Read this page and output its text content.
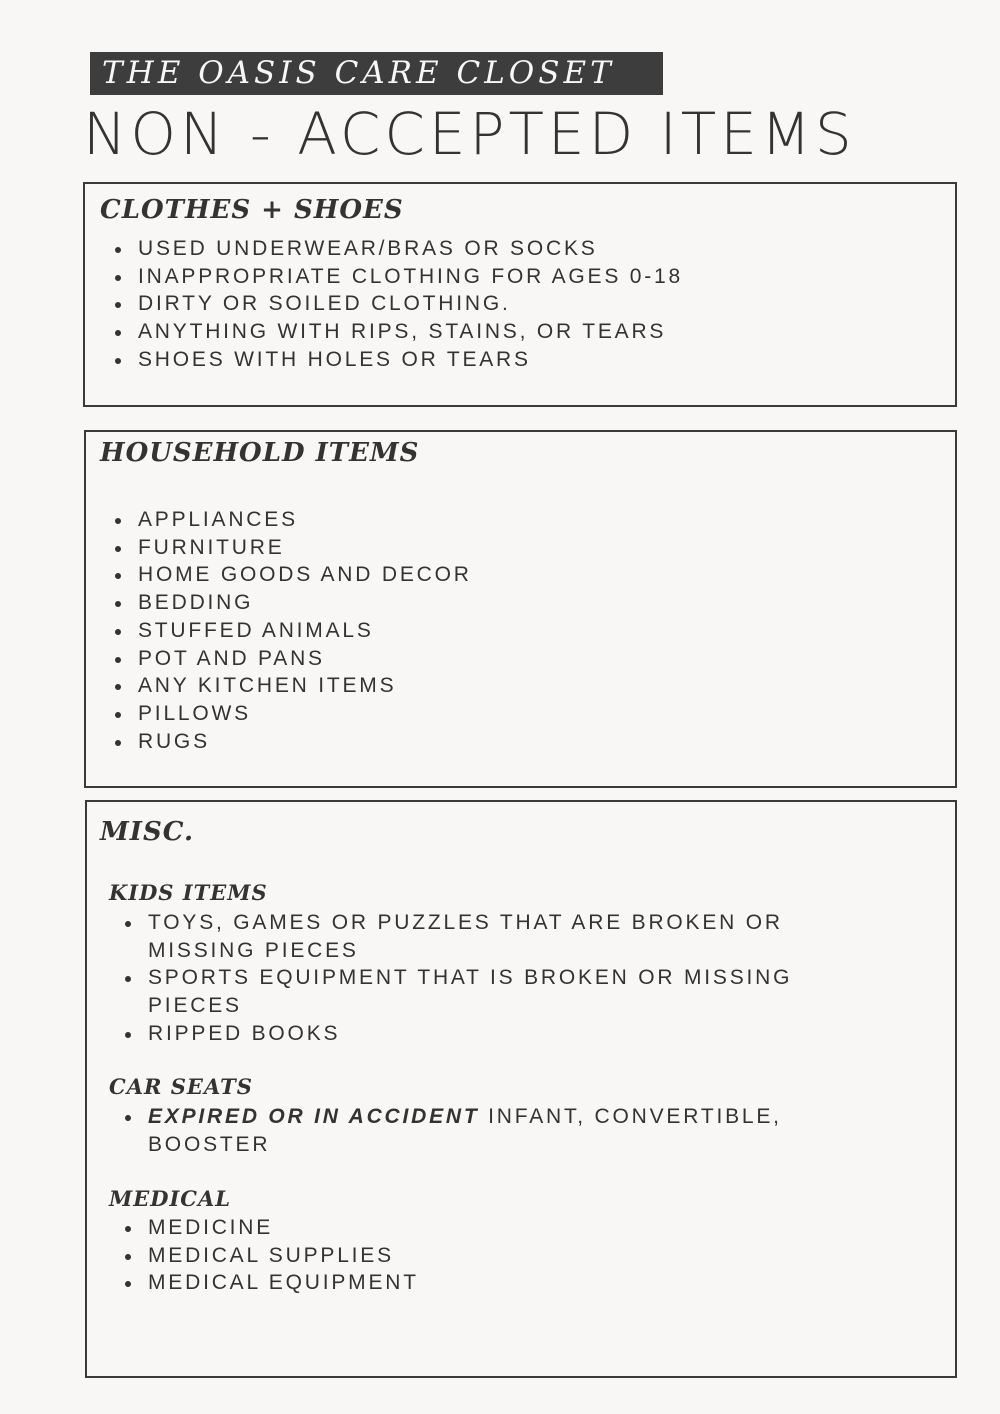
THE OASIS CARE CLOSET
NON - ACCEPTED ITEMS
CLOTHES + SHOES
USED UNDERWEAR/BRAS OR SOCKS
INAPPROPRIATE CLOTHING FOR AGES 0-18
DIRTY OR SOILED CLOTHING.
ANYTHING WITH RIPS, STAINS, OR TEARS
SHOES WITH HOLES OR TEARS
HOUSEHOLD ITEMS
APPLIANCES
FURNITURE
HOME GOODS AND DECOR
BEDDING
STUFFED ANIMALS
POT AND PANS
ANY KITCHEN ITEMS
PILLOWS
RUGS
MISC.
KIDS ITEMS
TOYS, GAMES OR PUZZLES THAT ARE BROKEN OR
MISSING PIECES
SPORTS EQUIPMENT THAT IS BROKEN OR MISSING
PIECES
RIPPED BOOKS
CAR SEATS
EXPIRED OR IN ACCIDENT INFANT, CONVERTIBLE,
BOOSTER
MEDICAL
MEDICINE
MEDICAL SUPPLIES
MEDICAL EQUIPMENT
